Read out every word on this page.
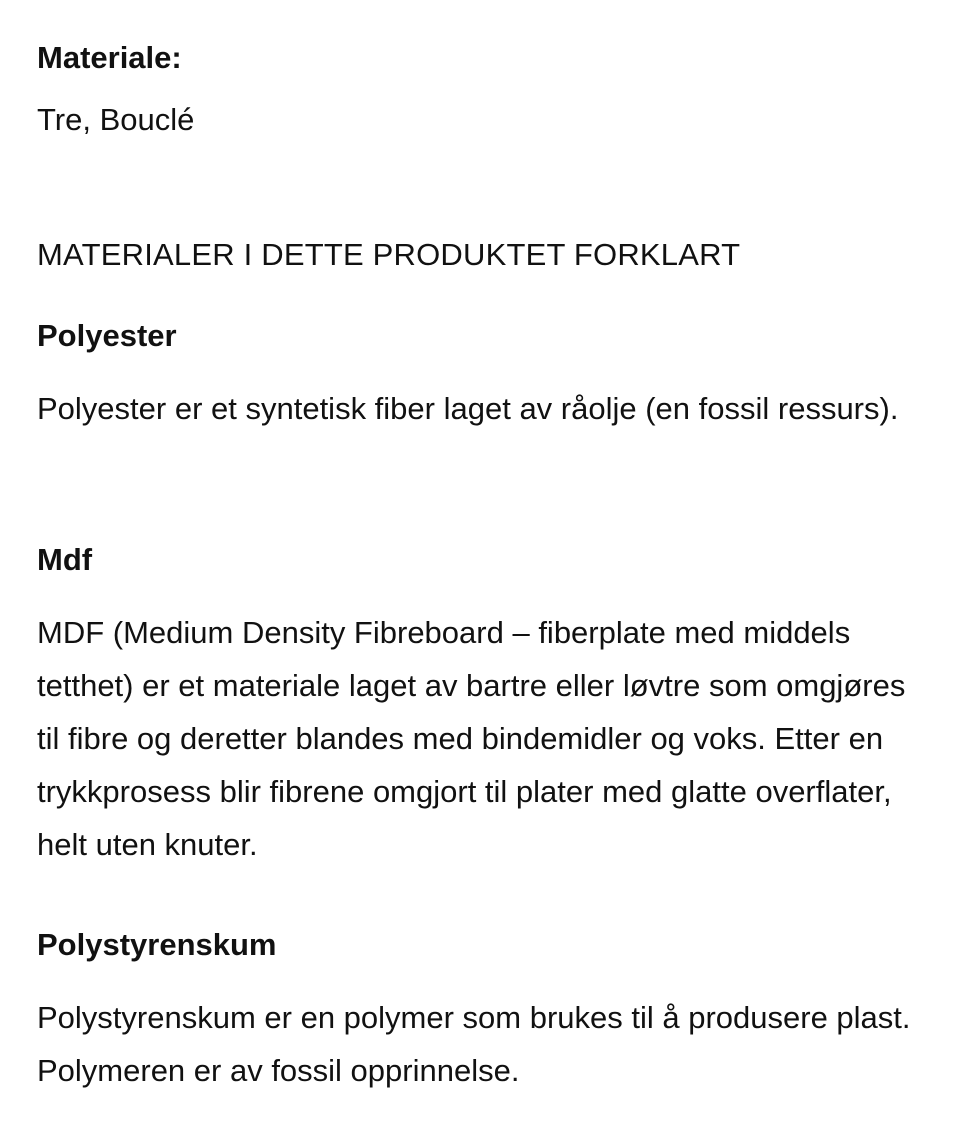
Materiale:

Tre, Bouclé

MATERIALER I DETTE PRODUKTET FORKLART
Polyester

Polyester er et syntetisk fiber laget av råolje (en fossil ressurs).

Mdf

MDF (Medium Density Fibreboard – fiberplate med middels tetthet) er et materiale laget av bartre eller løvtre som omgjøres til fibre og deretter blandes med bindemidler og voks. Etter en trykkprosess blir fibrene omgjort til plater med glatte overflater, helt uten knuter.

Polystyrenskum

Polystyrenskum er en polymer som brukes til å produsere plast. Polymeren er av fossil opprinnelse.
